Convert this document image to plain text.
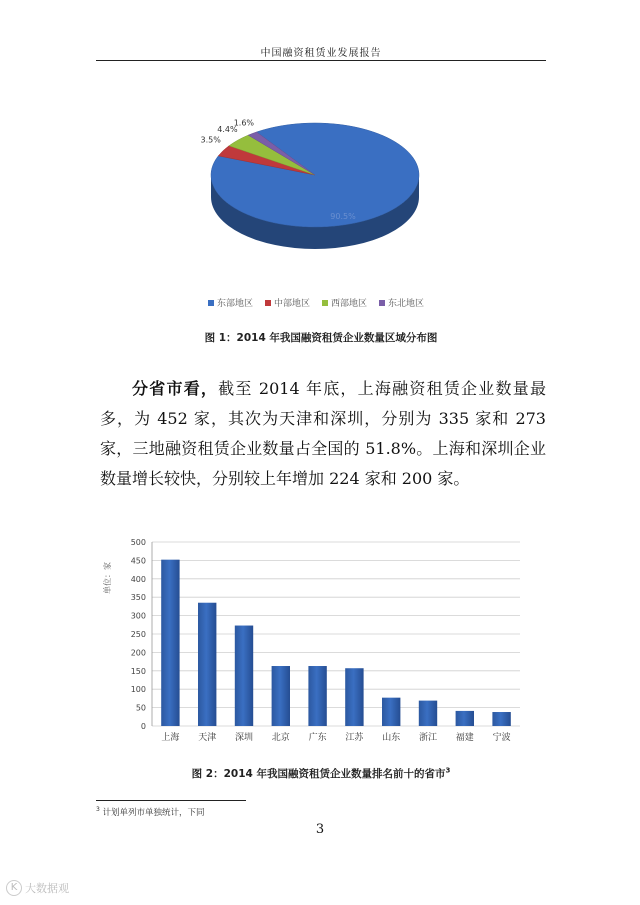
中国融资租赁业发展报告
90.5%
3.5%
4.4%
1.6%
东部地区 中部地区 西部地区 东北地区
图 1：2014 年我国融资租赁企业数量区域分布图

分省市看，截至 2014 年底，上海融资租赁企业数量最多，为 452 家，其次为天津和深圳，分别为 335 家和 273 家，三地融资租赁企业数量占全国的 51.8%。上海和深圳企业数量增长较快，分别较上年增加 224 家和 200 家。

0
50
100
150
200
250
300
350
400
450
500
单位：家
上海 天津 深圳 北京 广东 江苏 山东 浙江 福建 宁波
图 2：2014 年我国融资租赁企业数量排名前十的省市$^3$
$^3$ 计划单列市单独统计，下同
3
K 大数据观
